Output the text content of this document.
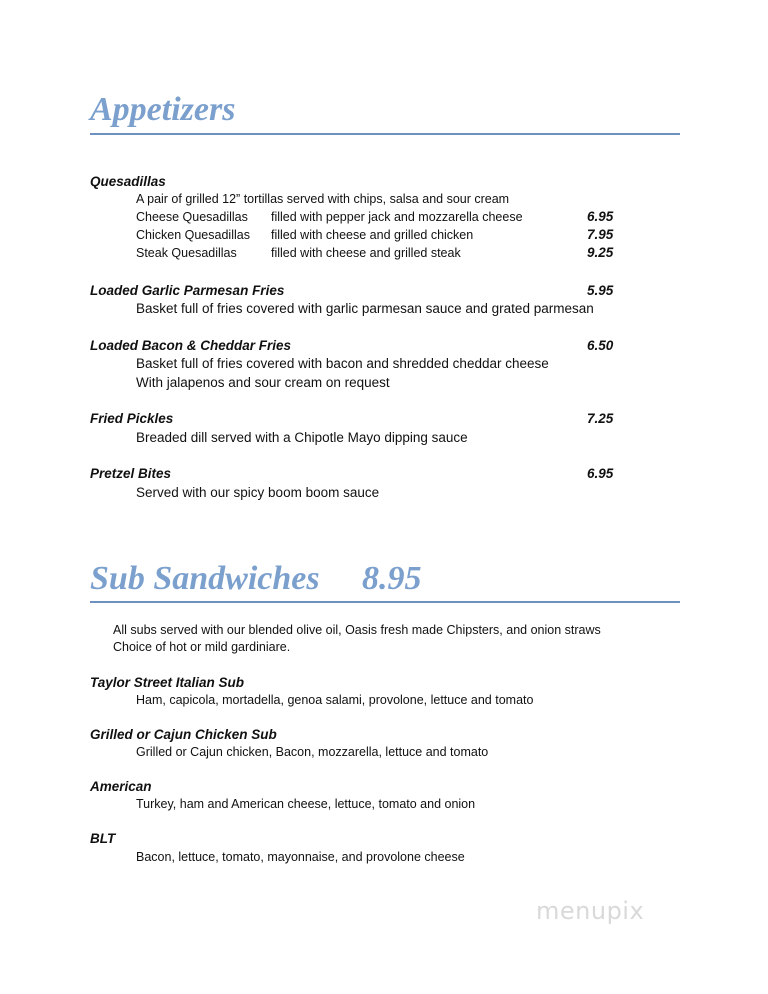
Appetizers
Quesadillas
A pair of grilled 12” tortillas served with chips, salsa and sour cream
Cheese Quesadillas filled with pepper jack and mozzarella cheese	6.95
Chicken Quesadillas filled with cheese and grilled chicken	7.95
Steak Quesadillas	filled with cheese and grilled steak	9.25
Loaded Garlic Parmesan Fries	5.95
Basket full of fries covered with garlic parmesan sauce and grated parmesan
Loaded Bacon & Cheddar Fries	6.50
Basket full of fries covered with bacon and shredded cheddar cheese
With jalapenos and sour cream on request
Fried Pickles	7.25
Breaded dill served with a Chipotle Mayo dipping sauce
Pretzel Bites	6.95
Served with our spicy boom boom sauce
Sub Sandwiches 8.95
All subs served with our blended olive oil, Oasis fresh made Chipsters, and onion straws
Choice of hot or mild gardiniare.
Taylor Street Italian Sub
Ham, capicola, mortadella, genoa salami, provolone, lettuce and tomato
Grilled or Cajun Chicken Sub
Grilled or Cajun chicken, Bacon, mozzarella, lettuce and tomato
American
Turkey, ham and American cheese, lettuce, tomato and onion
BLT
Bacon, lettuce, tomato, mayonnaise, and provolone cheese
menupix
